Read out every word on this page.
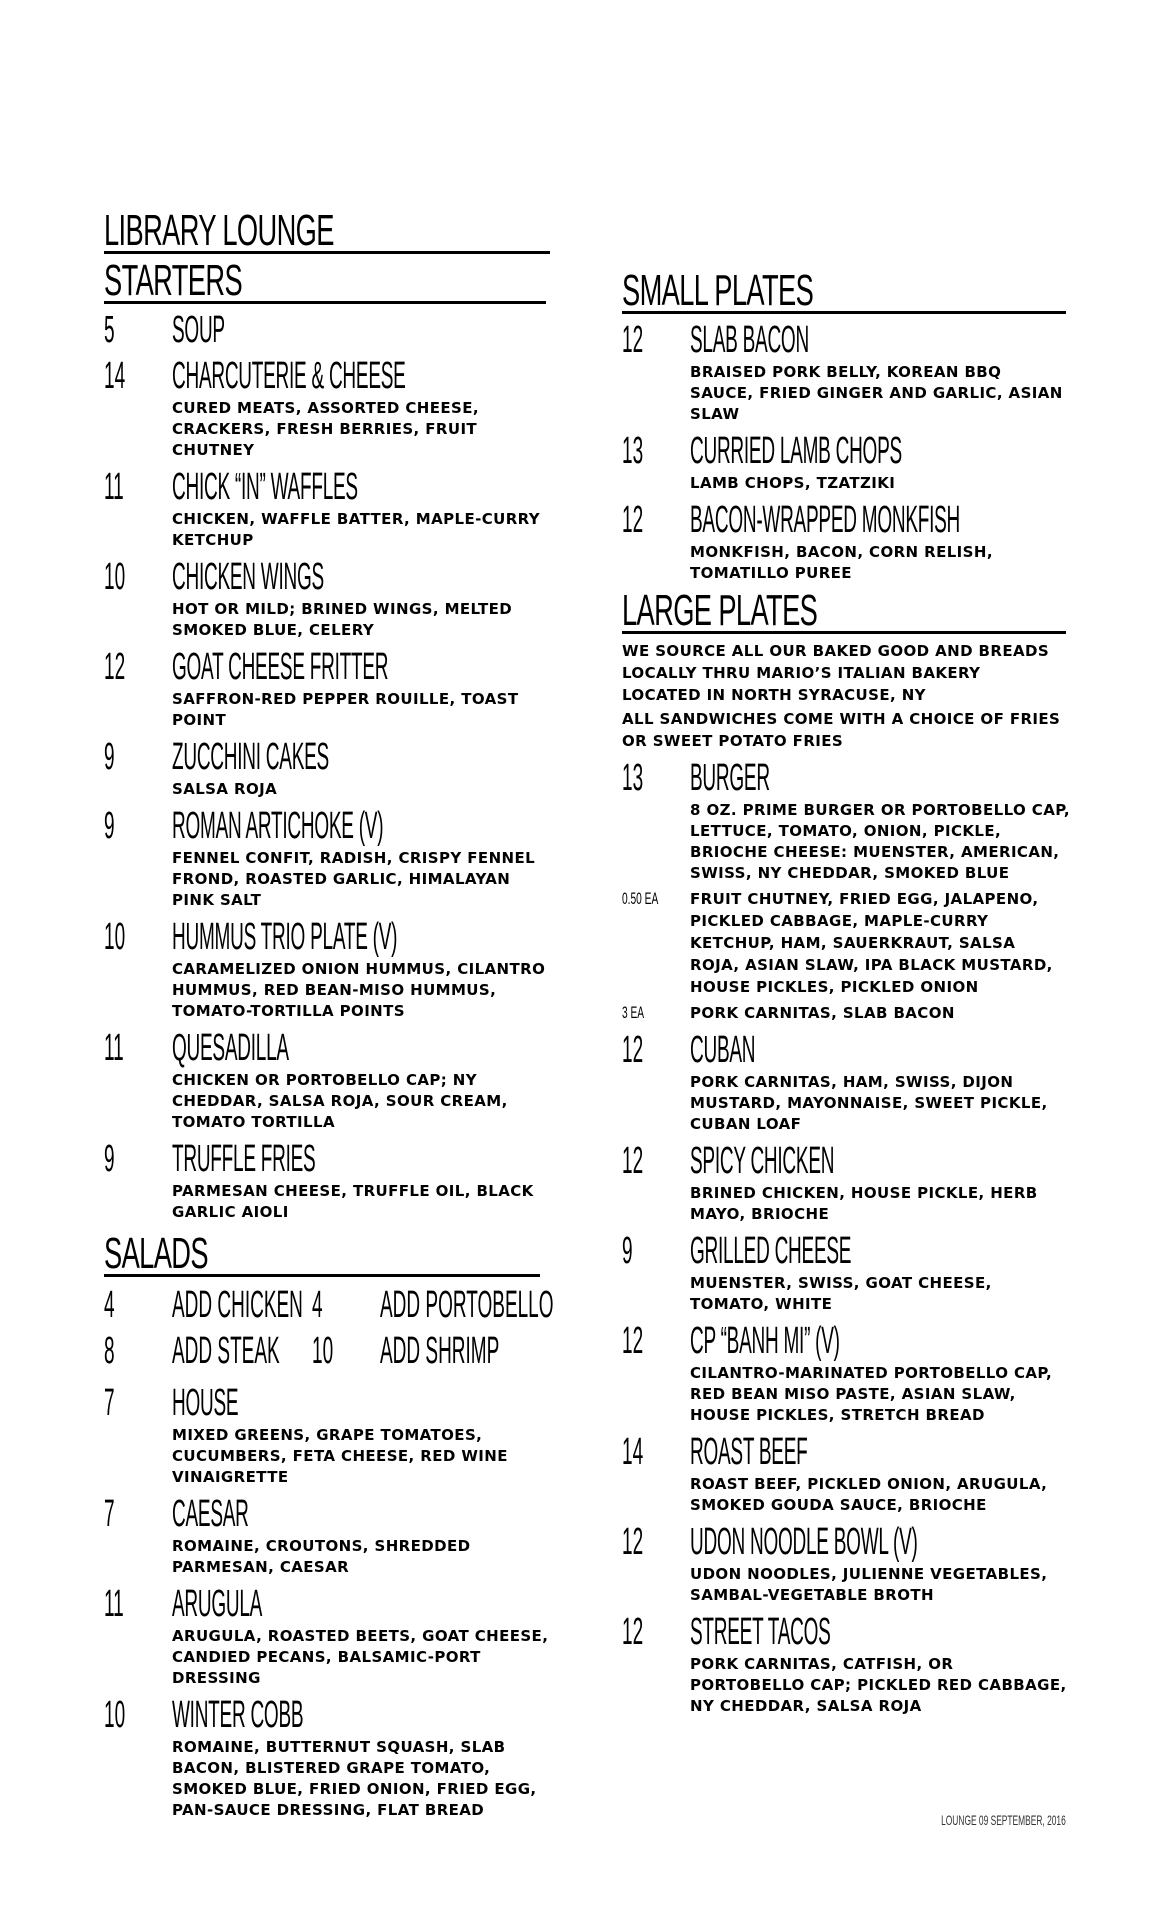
LIBRARY LOUNGE
STARTERS
5 SOUP
14 CHARCUTERIE & CHEESE
CURED MEATS, ASSORTED CHEESE, CRACKERS, FRESH BERRIES, FRUIT CHUTNEY
11 CHICK “IN” WAFFLES
CHICKEN, WAFFLE BATTER, MAPLE-CURRY KETCHUP
10 CHICKEN WINGS
HOT OR MILD; BRINED WINGS, MELTED SMOKED BLUE, CELERY
12 GOAT CHEESE FRITTER
SAFFRON-RED PEPPER ROUILLE, TOAST POINT
9 ZUCCHINI CAKES
SALSA ROJA
9 ROMAN ARTICHOKE (V)
FENNEL CONFIT, RADISH, CRISPY FENNEL FROND, ROASTED GARLIC, HIMALAYAN PINK SALT
10 HUMMUS TRIO PLATE (V)
CARAMELIZED ONION HUMMUS, CILANTRO HUMMUS, RED BEAN-MISO HUMMUS, TOMATO-TORTILLA POINTS
11 QUESADILLA
CHICKEN OR PORTOBELLO CAP; NY CHEDDAR, SALSA ROJA, SOUR CREAM, TOMATO TORTILLA
9 TRUFFLE FRIES
PARMESAN CHEESE, TRUFFLE OIL, BLACK GARLIC AIOLI
SALADS
4 ADD CHICKEN 4 ADD PORTOBELLO
8 ADD STEAK 10 ADD SHRIMP
7 HOUSE
MIXED GREENS, GRAPE TOMATOES, CUCUMBERS, FETA CHEESE, RED WINE VINAIGRETTE
7 CAESAR
ROMAINE, CROUTONS, SHREDDED PARMESAN, CAESAR
11 ARUGULA
ARUGULA, ROASTED BEETS, GOAT CHEESE, CANDIED PECANS, BALSAMIC-PORT DRESSING
10 WINTER COBB
ROMAINE, BUTTERNUT SQUASH, SLAB BACON, BLISTERED GRAPE TOMATO, SMOKED BLUE, FRIED ONION, FRIED EGG, PAN-SAUCE DRESSING, FLAT BREAD
SMALL PLATES
12 SLAB BACON
BRAISED PORK BELLY, KOREAN BBQ SAUCE, FRIED GINGER AND GARLIC, ASIAN SLAW
13 CURRIED LAMB CHOPS
LAMB CHOPS, TZATZIKI
12 BACON-WRAPPED MONKFISH
MONKFISH, BACON, CORN RELISH, TOMATILLO PUREE
LARGE PLATES
WE SOURCE ALL OUR BAKED GOOD AND BREADS LOCALLY THRU MARIO’S ITALIAN BAKERY LOCATED IN NORTH SYRACUSE, NY
ALL SANDWICHES COME WITH A CHOICE OF FRIES OR SWEET POTATO FRIES
13 BURGER
8 OZ. PRIME BURGER OR PORTOBELLO CAP, LETTUCE, TOMATO, ONION, PICKLE, BRIOCHE CHEESE: MUENSTER, AMERICAN, SWISS, NY CHEDDAR, SMOKED BLUE
0.50 EA FRUIT CHUTNEY, FRIED EGG, JALAPENO, PICKLED CABBAGE, MAPLE-CURRY KETCHUP, HAM, SAUERKRAUT, SALSA ROJA, ASIAN SLAW, IPA BLACK MUSTARD, HOUSE PICKLES, PICKLED ONION
3 EA	PORK CARNITAS, SLAB BACON
12 CUBAN
PORK CARNITAS, HAM, SWISS, DIJON MUSTARD, MAYONNAISE, SWEET PICKLE, CUBAN LOAF
12 SPICY CHICKEN
BRINED CHICKEN, HOUSE PICKLE, HERB MAYO, BRIOCHE
9 GRILLED CHEESE
MUENSTER, SWISS, GOAT CHEESE, TOMATO, WHITE
12 CP “BANH MI” (V)
CILANTRO-MARINATED PORTOBELLO CAP, RED BEAN MISO PASTE, ASIAN SLAW, HOUSE PICKLES, STRETCH BREAD
14 ROAST BEEF
ROAST BEEF, PICKLED ONION, ARUGULA, SMOKED GOUDA SAUCE, BRIOCHE
12 UDON NOODLE BOWL (V)
UDON NOODLES, JULIENNE VEGETABLES, SAMBAL-VEGETABLE BROTH
12 STREET TACOS
PORK CARNITAS, CATFISH, OR PORTOBELLO CAP; PICKLED RED CABBAGE, NY CHEDDAR, SALSA ROJA
LOUNGE 09 SEPTEMBER, 2016
